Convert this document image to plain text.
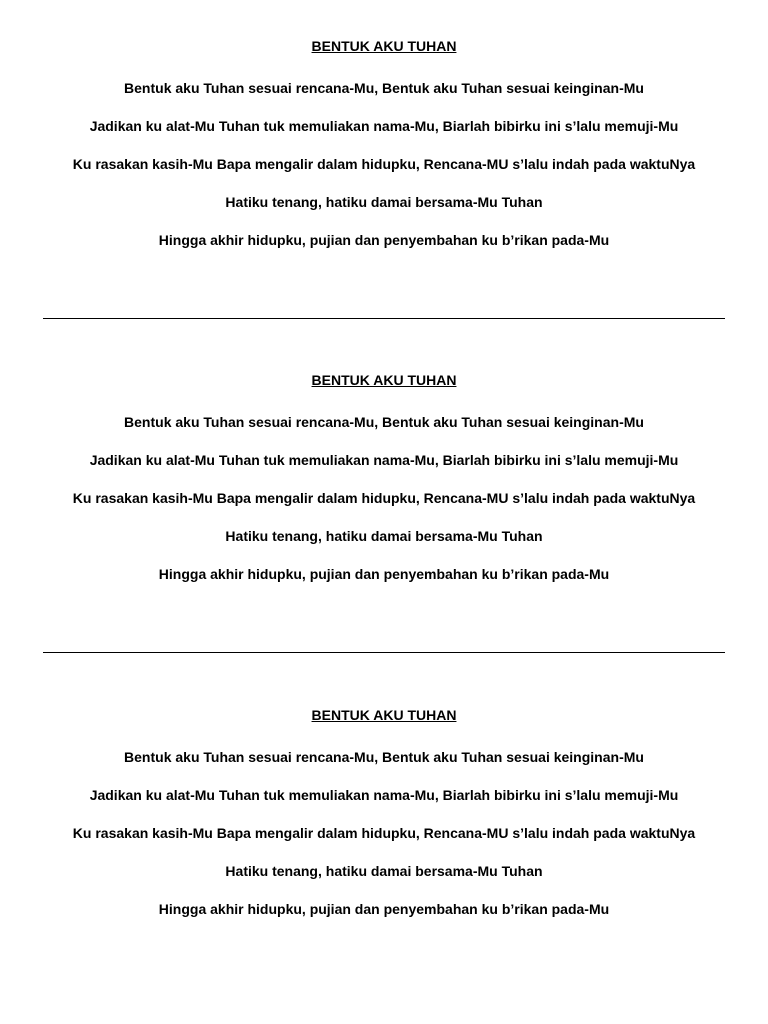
BENTUK AKU TUHAN
Bentuk aku Tuhan sesuai rencana-Mu, Bentuk aku Tuhan sesuai keinginan-Mu
Jadikan ku alat-Mu Tuhan tuk memuliakan nama-Mu, Biarlah bibirku ini s’lalu memuji-Mu
Ku rasakan kasih-Mu Bapa mengalir dalam hidupku, Rencana-MU s’lalu indah pada waktuNya
Hatiku tenang, hatiku damai bersama-Mu Tuhan
Hingga akhir hidupku, pujian dan penyembahan ku b’rikan pada-Mu
BENTUK AKU TUHAN
Bentuk aku Tuhan sesuai rencana-Mu, Bentuk aku Tuhan sesuai keinginan-Mu
Jadikan ku alat-Mu Tuhan tuk memuliakan nama-Mu, Biarlah bibirku ini s’lalu memuji-Mu
Ku rasakan kasih-Mu Bapa mengalir dalam hidupku, Rencana-MU s’lalu indah pada waktuNya
Hatiku tenang, hatiku damai bersama-Mu Tuhan
Hingga akhir hidupku, pujian dan penyembahan ku b’rikan pada-Mu
BENTUK AKU TUHAN
Bentuk aku Tuhan sesuai rencana-Mu, Bentuk aku Tuhan sesuai keinginan-Mu
Jadikan ku alat-Mu Tuhan tuk memuliakan nama-Mu, Biarlah bibirku ini s’lalu memuji-Mu
Ku rasakan kasih-Mu Bapa mengalir dalam hidupku, Rencana-MU s’lalu indah pada waktuNya
Hatiku tenang, hatiku damai bersama-Mu Tuhan
Hingga akhir hidupku, pujian dan penyembahan ku b’rikan pada-Mu
